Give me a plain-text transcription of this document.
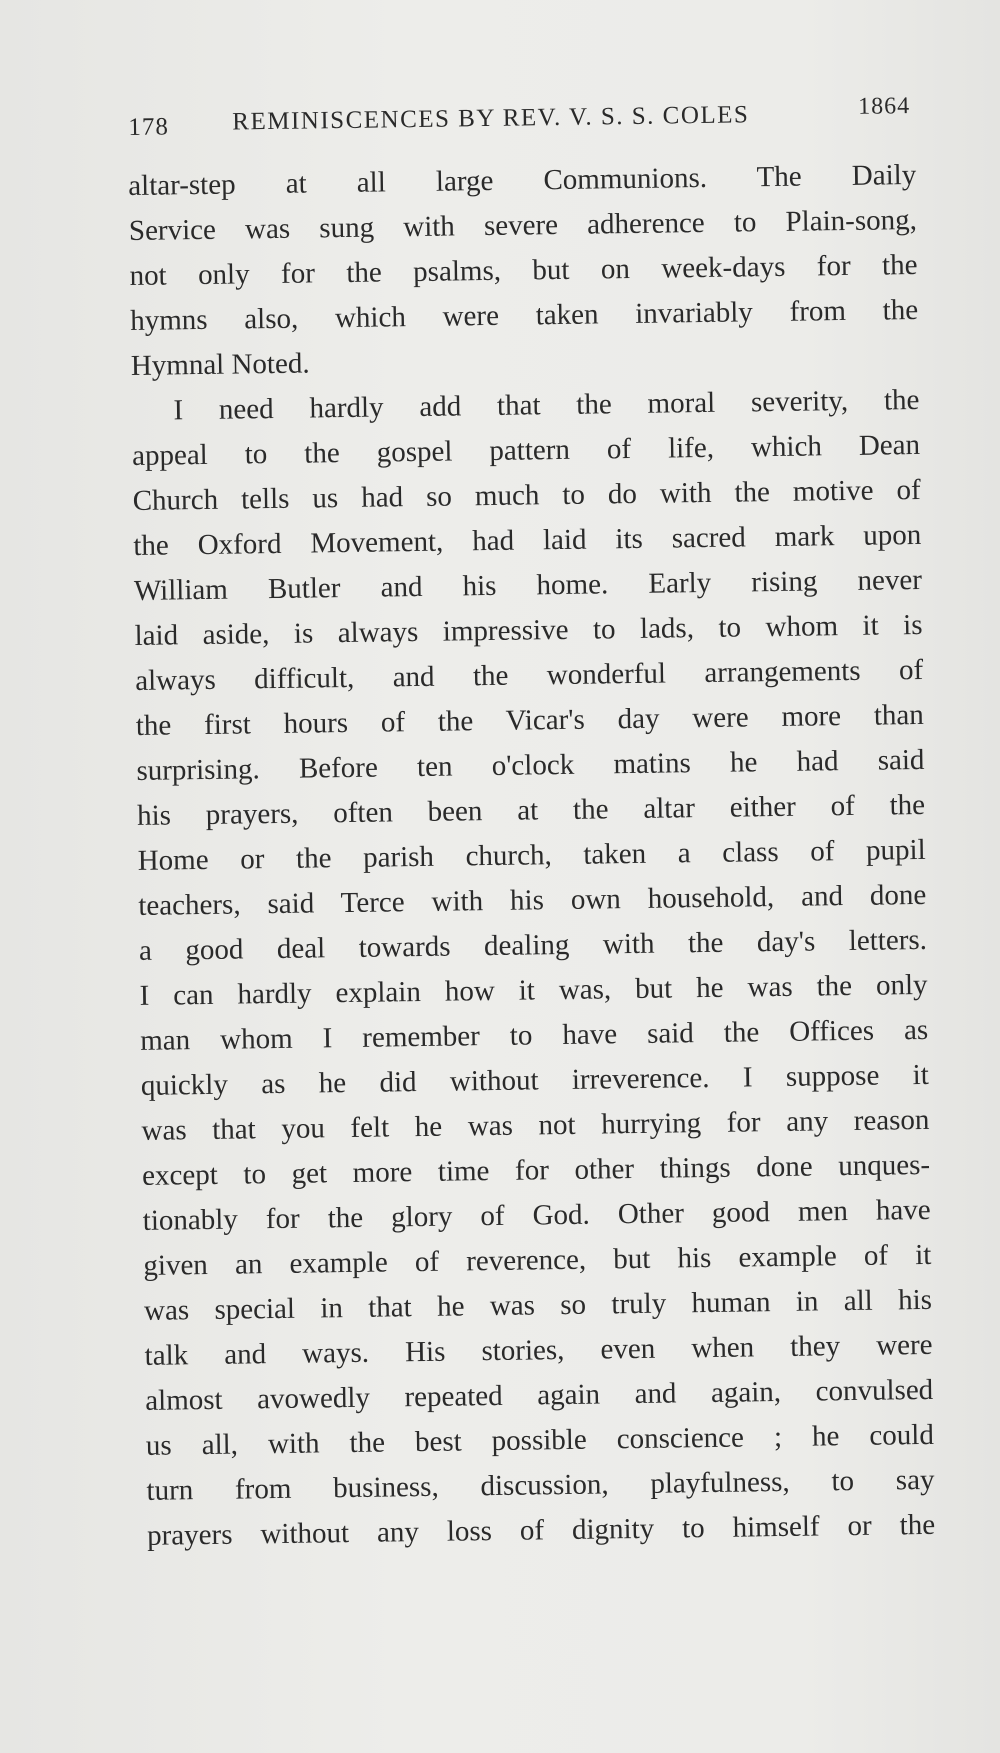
178	REMINISCENCES BY REV. V. S. S. COLES	1864
altar-step at all large Communions. The Daily
Service was sung with severe adherence to Plain-song,
not only for the psalms, but on week-days for the
hymns also, which were taken invariably from the
Hymnal Noted.
I need hardly add that the moral severity, the
appeal to the gospel pattern of life, which Dean
Church tells us had so much to do with the motive of
the Oxford Movement, had laid its sacred mark upon
William Butler and his home. Early rising never
laid aside, is always impressive to lads, to whom it is
always difficult, and the wonderful arrangements of
the first hours of the Vicar's day were more than
surprising. Before ten o'clock matins he had said
his prayers, often been at the altar either of the
Home or the parish church, taken a class of pupil
teachers, said Terce with his own household, and done
a good deal towards dealing with the day's letters.
I can hardly explain how it was, but he was the only
man whom I remember to have said the Offices as
quickly as he did without irreverence. I suppose it
was that you felt he was not hurrying for any reason
except to get more time for other things done unques-
tionably for the glory of God. Other good men have
given an example of reverence, but his example of it
was special in that he was so truly human in all his
talk and ways. His stories, even when they were
almost avowedly repeated again and again, convulsed
us all, with the best possible conscience ; he could
turn from business, discussion, playfulness, to say
prayers without any loss of dignity to himself or the
